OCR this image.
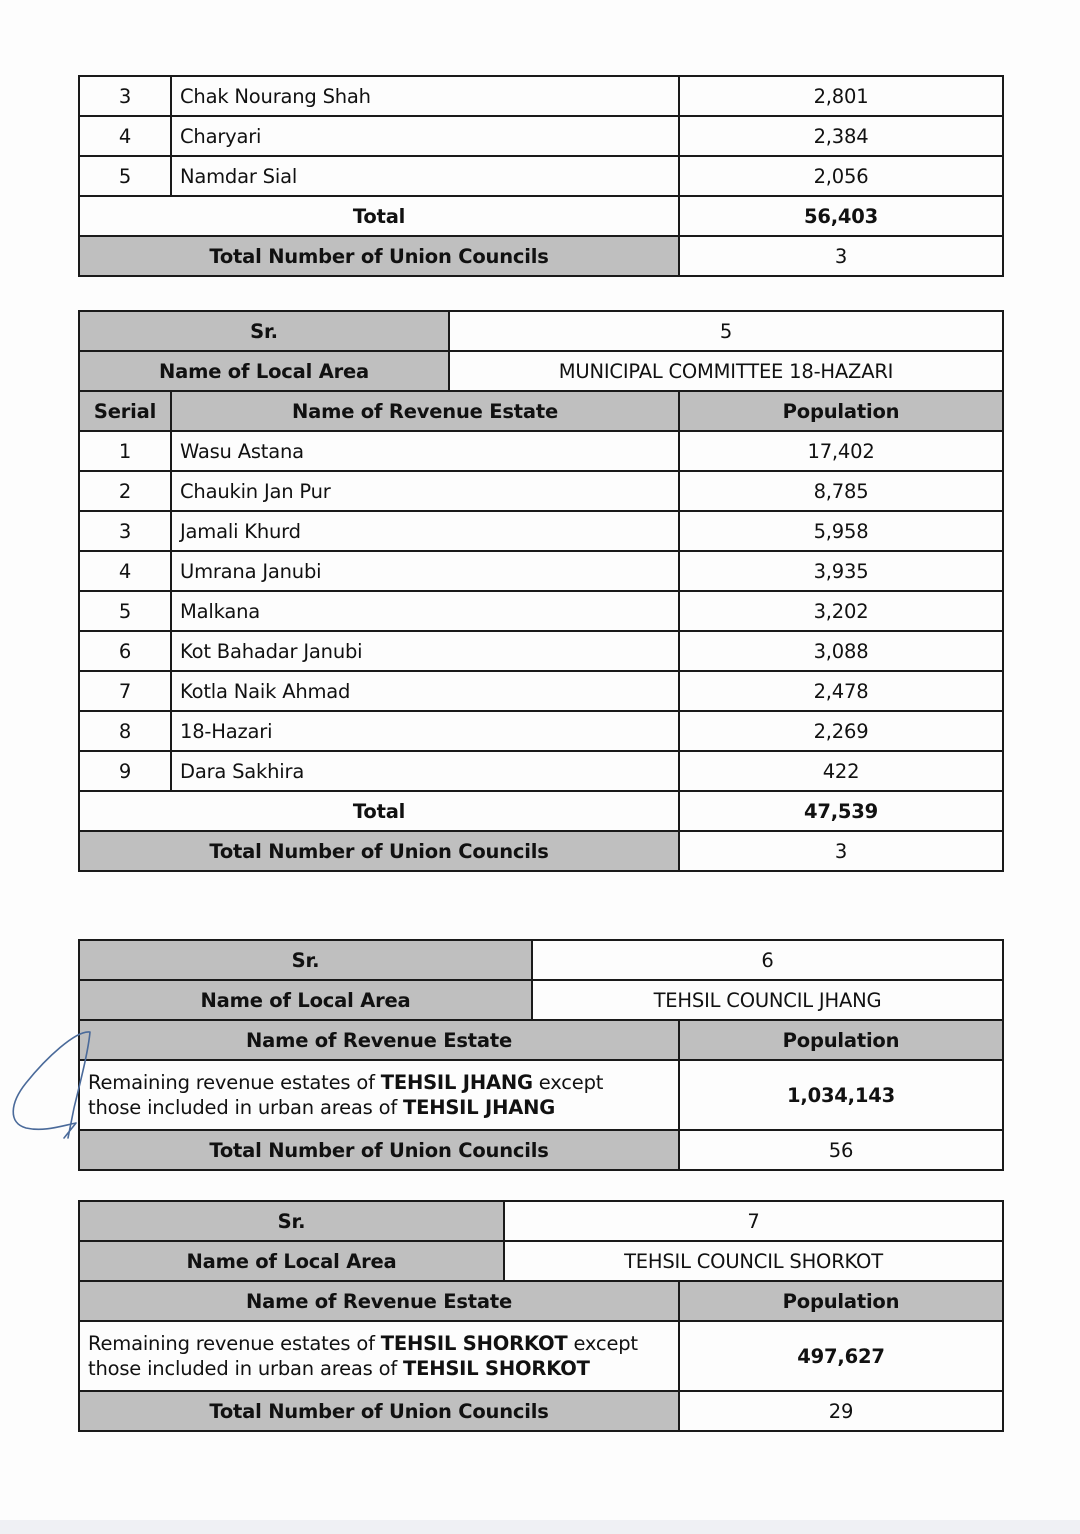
3	Chak Nourang Shah	2,801
4	Charyari	2,384
5	Namdar Sial	2,056
Total		56,403
Total Number of Union Councils		3
Sr.		5	
Name of Local Area		MUNICIPAL COMMITTEE 18-HAZARI	
Serial	Name of Revenue Estate		Population
1	Wasu Astana		17,402
2	Chaukin Jan Pur		8,785
3	Jamali Khurd		5,958
4	Umrana Janubi		3,935
5	Malkana		3,202
6	Kot Bahadar Janubi		3,088
7	Kotla Naik Ahmad		2,478
8	18-Hazari		2,269
9	Dara Sakhira		422
Total			47,539
Total Number of Union Councils			3
Sr.	6	
Name of Local Area	TEHSIL COUNCIL JHANG	
Name of Revenue Estate		Population
Remaining revenue estates of TEHSIL JHANG except
those included in urban areas of TEHSIL JHANG		1,034,143
Total Number of Union Councils		56
Sr.	7	
Name of Local Area	TEHSIL COUNCIL SHORKOT	
Name of Revenue Estate		Population
Remaining revenue estates of TEHSIL SHORKOT except
those included in urban areas of TEHSIL SHORKOT		497,627
Total Number of Union Councils		29
